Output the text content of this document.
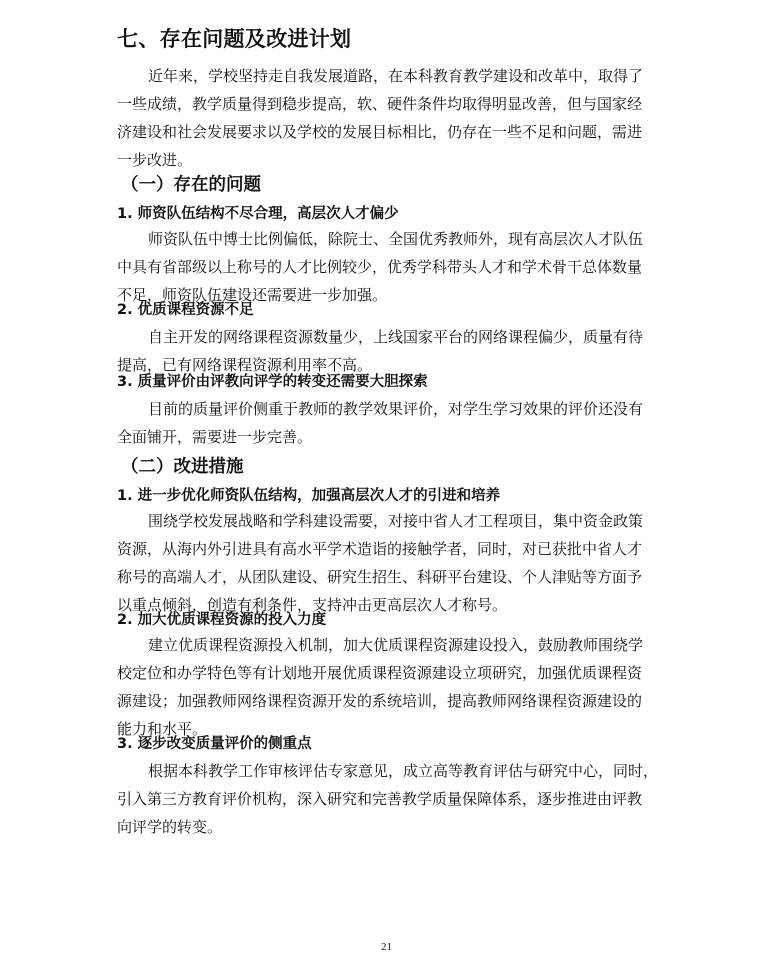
七、存在问题及改进计划
近年来，学校坚持走自我发展道路，在本科教育教学建设和改革中，取得了
一些成绩，教学质量得到稳步提高，软、硬件条件均取得明显改善，但与国家经
济建设和社会发展要求以及学校的发展目标相比，仍存在一些不足和问题，需进
一步改进。
（一）存在的问题
1. 师资队伍结构不尽合理，高层次人才偏少
师资队伍中博士比例偏低，除院士、全国优秀教师外，现有高层次人才队伍
中具有省部级以上称号的人才比例较少，优秀学科带头人才和学术骨干总体数量
不足，师资队伍建设还需要进一步加强。
2. 优质课程资源不足
自主开发的网络课程资源数量少，上线国家平台的网络课程偏少，质量有待
提高，已有网络课程资源利用率不高。
3. 质量评价由评教向评学的转变还需要大胆探索
目前的质量评价侧重于教师的教学效果评价，对学生学习效果的评价还没有
全面铺开，需要进一步完善。
（二）改进措施
1. 进一步优化师资队伍结构，加强高层次人才的引进和培养
围绕学校发展战略和学科建设需要，对接中省人才工程项目，集中资金政策
资源，从海内外引进具有高水平学术造诣的接触学者，同时，对已获批中省人才
称号的高端人才，从团队建设、研究生招生、科研平台建设、个人津贴等方面予
以重点倾斜，创造有利条件，支持冲击更高层次人才称号。
2. 加大优质课程资源的投入力度
建立优质课程资源投入机制，加大优质课程资源建设投入，鼓励教师围绕学
校定位和办学特色等有计划地开展优质课程资源建设立项研究，加强优质课程资
源建设；加强教师网络课程资源开发的系统培训，提高教师网络课程资源建设的
能力和水平。
3. 逐步改变质量评价的侧重点
根据本科教学工作审核评估专家意见，成立高等教育评估与研究中心，同时，
引入第三方教育评价机构，深入研究和完善教学质量保障体系，逐步推进由评教
向评学的转变。
21
